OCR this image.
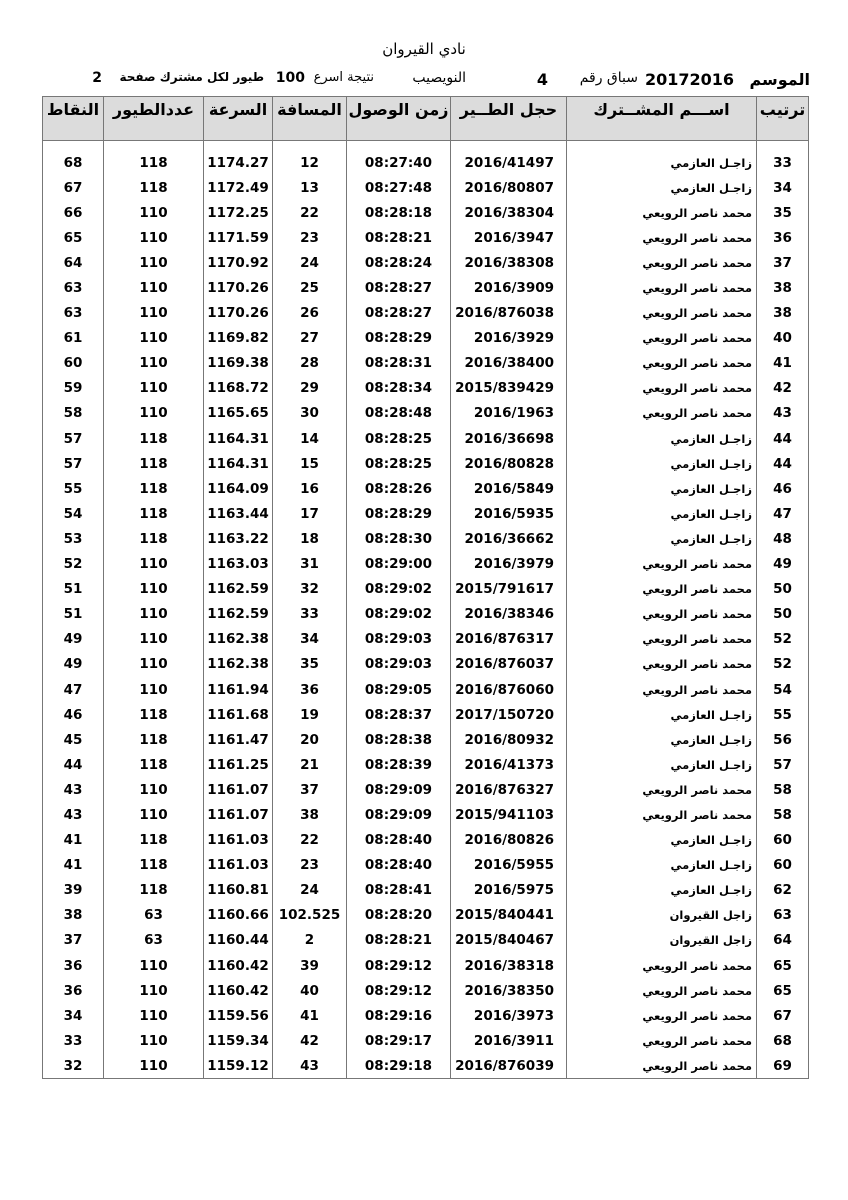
نادي القيروان
الموسم
20172016
سباق رقم
4
النويصيب
نتيجة اسرع
100
طيور لكل مشترك صفحة
2
النقاط	عددالطيور	السرعة	المسافة	زمن الوصول	حجل الطــير	اســـم المشــترك	ترتيب

68	118	1174.27	12	08:27:40	2016/41497	زاجـل العازمي	33
67	118	1172.49	13	08:27:48	2016/80807	زاجـل العازمي	34
66	110	1172.25	22	08:28:18	2016/38304	محمد ناصر الرويعي	35
65	110	1171.59	23	08:28:21	2016/3947	محمد ناصر الرويعي	36
64	110	1170.92	24	08:28:24	2016/38308	محمد ناصر الرويعي	37
63	110	1170.26	25	08:28:27	2016/3909	محمد ناصر الرويعي	38
63	110	1170.26	26	08:28:27	2016/876038	محمد ناصر الرويعي	38
61	110	1169.82	27	08:28:29	2016/3929	محمد ناصر الرويعي	40
60	110	1169.38	28	08:28:31	2016/38400	محمد ناصر الرويعي	41
59	110	1168.72	29	08:28:34	2015/839429	محمد ناصر الرويعي	42
58	110	1165.65	30	08:28:48	2016/1963	محمد ناصر الرويعي	43
57	118	1164.31	14	08:28:25	2016/36698	زاجـل العازمي	44
57	118	1164.31	15	08:28:25	2016/80828	زاجـل العازمي	44
55	118	1164.09	16	08:28:26	2016/5849	زاجـل العازمي	46
54	118	1163.44	17	08:28:29	2016/5935	زاجـل العازمي	47
53	118	1163.22	18	08:28:30	2016/36662	زاجـل العازمي	48
52	110	1163.03	31	08:29:00	2016/3979	محمد ناصر الرويعي	49
51	110	1162.59	32	08:29:02	2015/791617	محمد ناصر الرويعي	50
51	110	1162.59	33	08:29:02	2016/38346	محمد ناصر الرويعي	50
49	110	1162.38	34	08:29:03	2016/876317	محمد ناصر الرويعي	52
49	110	1162.38	35	08:29:03	2016/876037	محمد ناصر الرويعي	52
47	110	1161.94	36	08:29:05	2016/876060	محمد ناصر الرويعي	54
46	118	1161.68	19	08:28:37	2017/150720	زاجـل العازمي	55
45	118	1161.47	20	08:28:38	2016/80932	زاجـل العازمي	56
44	118	1161.25	21	08:28:39	2016/41373	زاجـل العازمي	57
43	110	1161.07	37	08:29:09	2016/876327	محمد ناصر الرويعي	58
43	110	1161.07	38	08:29:09	2015/941103	محمد ناصر الرويعي	58
41	118	1161.03	22	08:28:40	2016/80826	زاجـل العازمي	60
41	118	1161.03	23	08:28:40	2016/5955	زاجـل العازمي	60
39	118	1160.81	24	08:28:41	2016/5975	زاجـل العازمي	62
38	63	1160.66	102.525	08:28:20	2015/840441	زاجل القيروان	63
37	63	1160.44	2	08:28:21	2015/840467	زاجل القيروان	64
36	110	1160.42	39	08:29:12	2016/38318	محمد ناصر الرويعي	65
36	110	1160.42	40	08:29:12	2016/38350	محمد ناصر الرويعي	65
34	110	1159.56	41	08:29:16	2016/3973	محمد ناصر الرويعي	67
33	110	1159.34	42	08:29:17	2016/3911	محمد ناصر الرويعي	68
32	110	1159.12	43	08:29:18	2016/876039	محمد ناصر الرويعي	69
